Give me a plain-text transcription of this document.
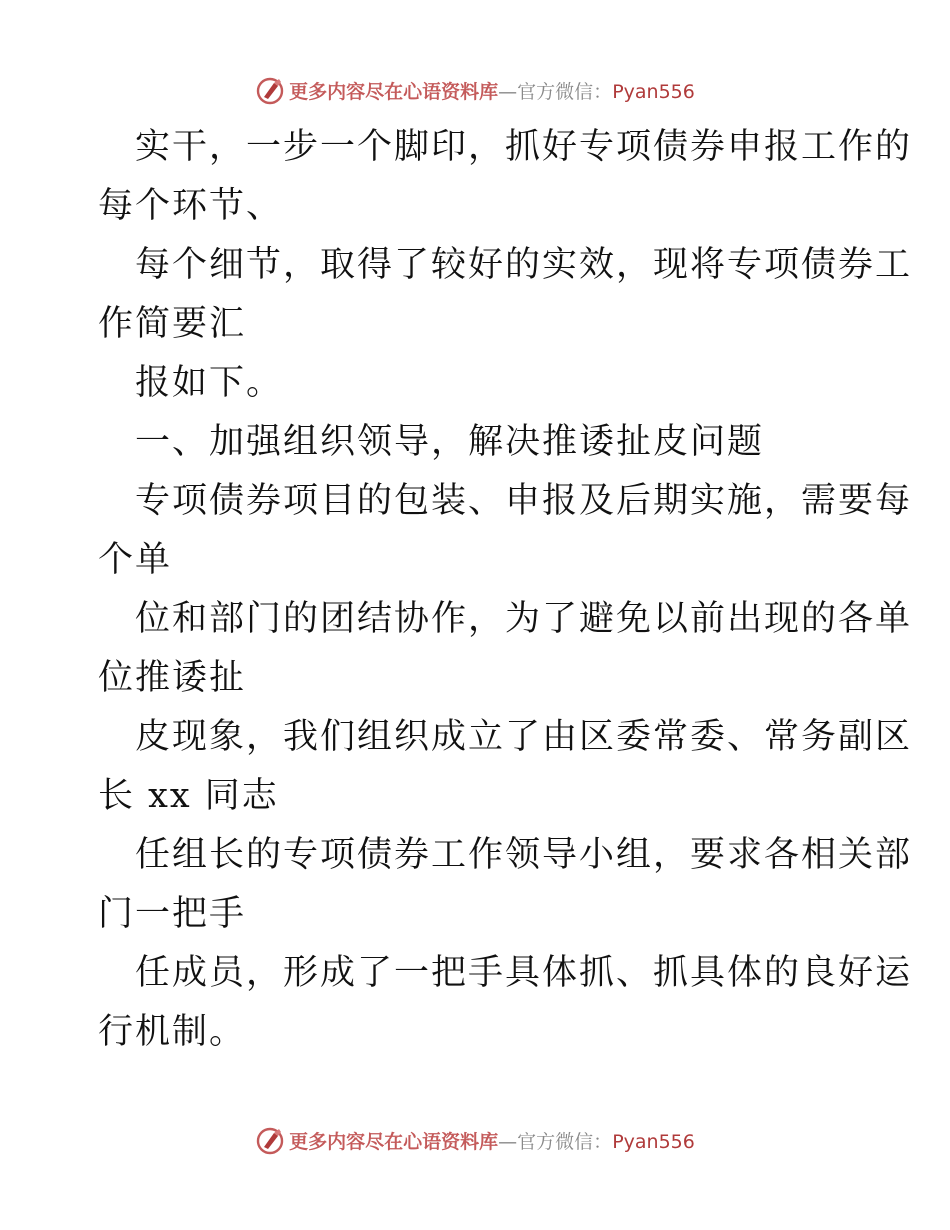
更多内容尽在心语资料库—官方微信：Pyan556
实干，一步一个脚印，抓好专项债券申报工作的
每个环节、
每个细节，取得了较好的实效，现将专项债券工
作简要汇
报如下。
一、加强组织领导，解决推诿扯皮问题
专项债券项目的包装、申报及后期实施，需要每
个单
位和部门的团结协作，为了避免以前出现的各单
位推诿扯
皮现象，我们组织成立了由区委常委、常务副区
长 xx 同志
任组长的专项债券工作领导小组，要求各相关部
门一把手
任成员，形成了一把手具体抓、抓具体的良好运
行机制。
更多内容尽在心语资料库—官方微信：Pyan556
